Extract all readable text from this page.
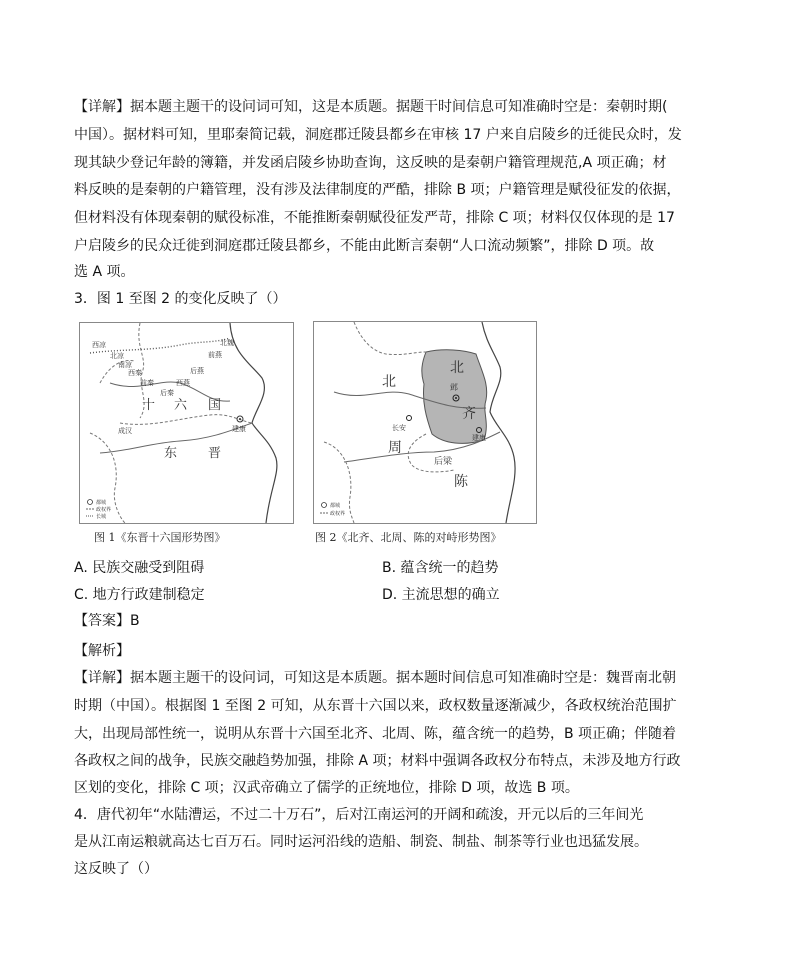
【详解】据本题主题干的设问词可知，这是本质题。据题干时间信息可知准确时空是：秦朝时期(
中国）。据材料可知，里耶秦简记载，洞庭郡迁陵县都乡在审核 17 户来自启陵乡的迁徙民众时，发
现其缺少登记年龄的簿籍，并发函启陵乡协助查询，这反映的是秦朝户籍管理规范,A 项正确；材
料反映的是秦朝的户籍管理，没有涉及法律制度的严酷，排除 B 项；户籍管理是赋役征发的依据，
但材料没有体现秦朝的赋役标准，不能推断秦朝赋役征发严苛，排除 C 项；材料仅仅体现的是 17
户启陵乡的民众迁徙到洞庭郡迁陵县都乡，不能由此断言秦朝“人口流动频繁”，排除 D 项。故
选 A 项。
3．图 1 至图 2 的变化反映了（）
西凉
北凉
西秦
南凉
前秦
前燕
后燕
后秦
西燕
成汉
十 六 国
东 晋
建康
北魏
都城
政权界
长城
北
齐
北
周
邺
长安
建康
后梁
陈
都城
政权界
图 1《东晋十六国形势图》	图 2《北齐、北周、陈的对峙形势图》
A. 民族交融受到阻碍	B. 蕴含统一的趋势
C. 地方行政建制稳定	D. 主流思想的确立
【答案】B
【解析】
【详解】据本题主题干的设问词，可知这是本质题。据本题时间信息可知准确时空是：魏晋南北朝
时期（中国）。根据图 1 至图 2 可知，从东晋十六国以来，政权数量逐渐减少，各政权统治范围扩
大，出现局部性统一，说明从东晋十六国至北齐、北周、陈，蕴含统一的趋势，B 项正确；伴随着
各政权之间的战争，民族交融趋势加强，排除 A 项；材料中强调各政权分布特点，未涉及地方行政
区划的变化，排除 C 项；汉武帝确立了儒学的正统地位，排除 D 项，故选 B 项。
4．唐代初年“水陆漕运，不过二十万石”，后对江南运河的开阔和疏浚，开元以后的三年间光
是从江南运粮就高达七百万石。同时运河沿线的造船、制瓷、制盐、制茶等行业也迅猛发展。
这反映了（）
